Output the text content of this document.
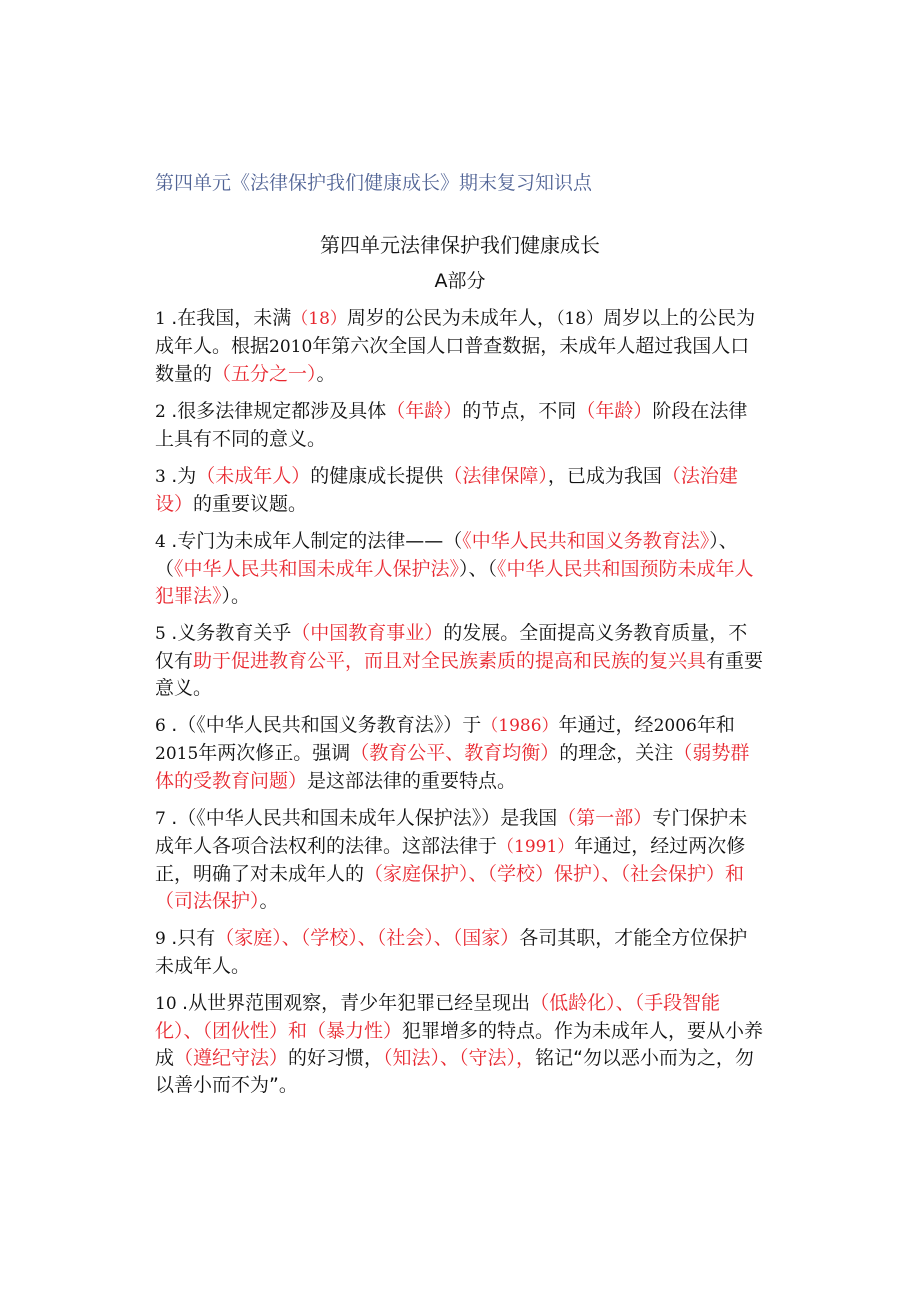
第四单元《法律保护我们健康成长》期末复习知识点
第四单元法律保护我们健康成长
A部分
1 .在我国，未满（18）周岁的公民为未成年人，（18）周岁以上的公民为成年人。根据2010年第六次全国人口普查数据，未成年人超过我国人口数量的（五分之一）。
2 .很多法律规定都涉及具体（年龄）的节点，不同（年龄）阶段在法律上具有不同的意义。
3 .为（未成年人）的健康成长提供（法律保障），已成为我国（法治建设）的重要议题。
4 .专门为未成年人制定的法律——（《中华人民共和国义务教育法》）、（《中华人民共和国未成年人保护法》）、（《中华人民共和国预防未成年人犯罪法》）。
5 .义务教育关乎（中国教育事业）的发展。全面提高义务教育质量，不仅有助于促进教育公平，而且对全民族素质的提高和民族的复兴具有重要意义。
6 .（《中华人民共和国义务教育法》）于（1986）年通过，经2006年和2015年两次修正。强调（教育公平、教育均衡）的理念，关注（弱势群体的受教育问题）是这部法律的重要特点。
7 .（《中华人民共和国未成年人保护法》）是我国（第一部）专门保护未成年人各项合法权利的法律。这部法律于（1991）年通过，经过两次修正，明确了对未成年人的（家庭保护）、（学校）保护）、（社会保护）和（司法保护）。
9 .只有（家庭）、（学校）、（社会）、（国家）各司其职，才能全方位保护未成年人。
10 .从世界范围观察，青少年犯罪已经呈现出（低龄化）、（手段智能化）、（团伙性）和（暴力性）犯罪增多的特点。作为未成年人，要从小养成（遵纪守法）的好习惯，（知法）、（守法），铭记“勿以恶小而为之，勿以善小而不为”。
